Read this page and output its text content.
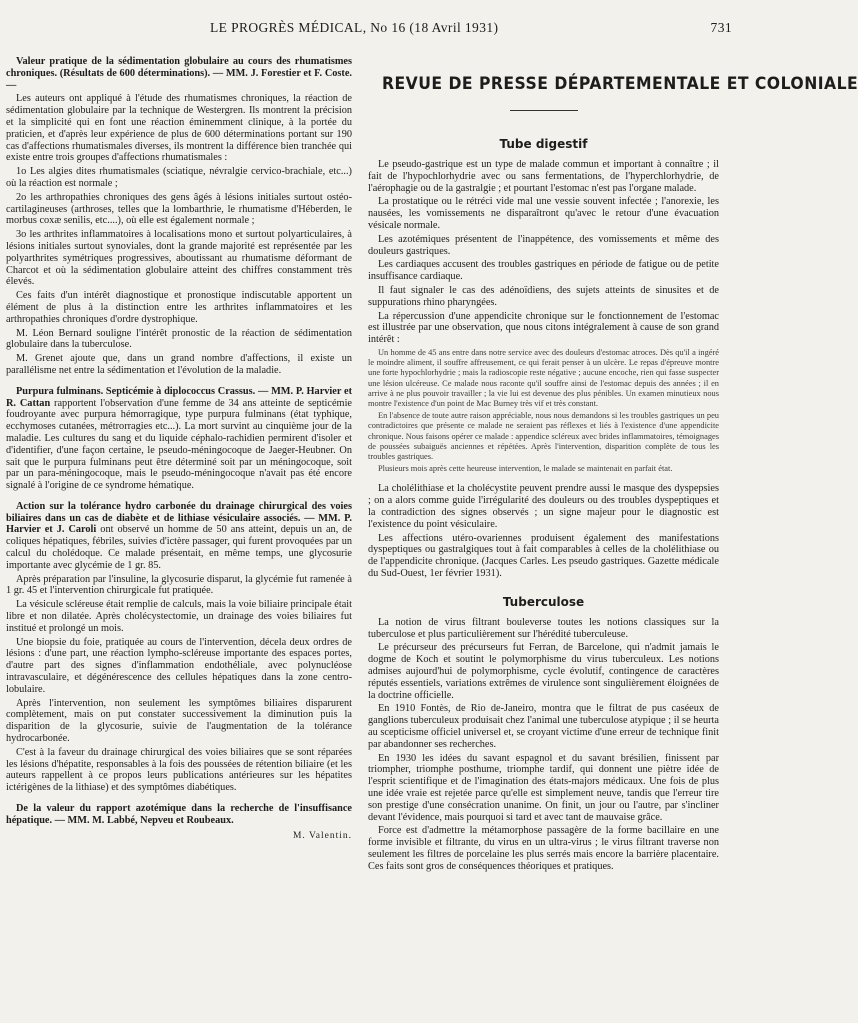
LE PROGRÈS MÉDICAL, No 16 (18 Avril 1931)	731

Valeur pratique de la sédimentation globulaire au cours des rhumatismes chroniques. (Résultats de 600 déterminations). — MM. J. Forestier et F. Coste. —

Les auteurs ont appliqué à l'étude des rhumatismes chroniques, la réaction de sédimentation globulaire par la technique de Westergren. Ils montrent la précision et la simplicité qui en font une réaction éminemment clinique, à la portée du praticien, et d'après leur expérience de plus de 600 déterminations portant sur 190 cas d'affections rhumatismales diverses, ils montrent la différence bien tranchée qui existe entre trois groupes d'affections rhumatismales :

1o Les algies dites rhumatismales (sciatique, névralgie cervico-brachiale, etc...) où la réaction est normale ;

2o les arthropathies chroniques des gens âgés à lésions initiales surtout ostéo-cartilagineuses (arthroses, telles que la lombarthrie, le rhumatisme d'Héberden, le morbus coxæ senilis, etc....), où elle est également normale ;

3o les arthrites inflammatoires à localisations mono et surtout polyarticulaires, à lésions initiales surtout synoviales, dont la grande majorité est représentée par les polyarthrites symétriques progressives, aboutissant au rhumatisme déformant de Charcot et où la sédimentation globulaire atteint des chiffres constamment très élevés.

Ces faits d'un intérêt diagnostique et pronostique indiscutable apportent un élément de plus à la distinction entre les arthrites inflammatoires et les arthropathies chroniques d'ordre dystrophique.

M. Léon Bernard souligne l'intérêt pronostic de la réaction de sédimentation globulaire dans la tuberculose.

M. Grenet ajoute que, dans un grand nombre d'affections, il existe un parallélisme net entre la sédimentation et l'évolution de la maladie.

Purpura fulminans. Septicémie à diplococcus Crassus. — MM. P. Harvier et R. Cattan rapportent l'observation d'une femme de 34 ans atteinte de septicémie foudroyante avec purpura hémorragique, type purpura fulminans (état typhique, ecchymoses cutanées, métrorragies etc...). La mort survint au cinquième jour de la maladie. Les cultures du sang et du liquide céphalo-rachidien permirent d'isoler et d'identifier, d'une façon certaine, le pseudo-méningocoque de Jaeger-Heubner. On sait que le purpura fulminans peut être déterminé soit par un méningocoque, soit par un para-méningocoque, mais le pseudo-méningocoque n'avait pas été encore signalé à l'origine de ce syndrome hématique.

Action sur la tolérance hydro carbonée du drainage chirurgical des voies biliaires dans un cas de diabète et de lithiase vésiculaire associés. — MM. P. Harvier et J. Caroli ont observé un homme de 50 ans atteint, depuis un an, de coliques hépatiques, fébriles, suivies d'ictère passager, qui furent provoquées par un calcul du cholédoque. Ce malade présentait, en même temps, une glycosurie importante avec glycémie de 1 gr. 85.

Après préparation par l'insuline, la glycosurie disparut, la glycémie fut ramenée à 1 gr. 45 et l'intervention chirurgicale fut pratiquée.

La vésicule scléreuse était remplie de calculs, mais la voie biliaire principale était libre et non dilatée. Après cholécystectomie, un drainage des voies biliaires fut institué et prolongé un mois.

Une biopsie du foie, pratiquée au cours de l'intervention, décela deux ordres de lésions : d'une part, une réaction lympho-scléreuse importante des espaces portes, d'autre part des signes d'inflammation endothéliale, avec polynucléose intravasculaire, et dégénérescence des cellules hépatiques dans la zone centro-lobulaire.

Après l'intervention, non seulement les symptômes biliaires disparurent complètement, mais on put constater successivement la diminution puis la disparition de la glycosurie, suivie de l'augmentation de la tolérance hydrocarbonée.

C'est à la faveur du drainage chirurgical des voies biliaires que se sont réparées les lésions d'hépatite, responsables à la fois des poussées de rétention biliaire (et les auteurs rappellent à ce propos leurs publications antérieures sur les hépatites ictérigènes de la lithiase) et des symptômes diabétiques.

De la valeur du rapport azotémique dans la recherche de l'insuffisance hépatique. — MM. M. Labbé, Nepveu et Roubeaux.

M. Valentin.

REVUE DE PRESSE DÉPARTEMENTALE ET COLONIALE
Tube digestif

Le pseudo-gastrique est un type de malade commun et important à connaître ; il fait de l'hypochlorhydrie avec ou sans fermentations, de l'hyperchlorhydrie, de l'aérophagie ou de la gastralgie ; et pourtant l'estomac n'est pas l'organe malade.

La prostatique ou le rétréci vide mal une vessie souvent infectée ; l'anorexie, les nausées, les vomissements ne disparaîtront qu'avec le retour d'une évacuation vésicale normale.

Les azotémiques présentent de l'inappétence, des vomissements et même des douleurs gastriques.

Les cardiaques accusent des troubles gastriques en période de fatigue ou de petite insuffisance cardiaque.

Il faut signaler le cas des adénoïdiens, des sujets atteints de sinusites et de suppurations rhino pharyngées.

La répercussion d'une appendicite chronique sur le fonctionnement de l'estomac est illustrée par une observation, que nous citons intégralement à cause de son grand intérêt :

Un homme de 45 ans entre dans notre service avec des douleurs d'estomac atroces. Dès qu'il a ingéré le moindre aliment, il souffre affreusement, ce qui ferait penser à un ulcère. Le repas d'épreuve montre une forte hypochlorhydrie ; mais la radioscopie reste négative ; aucune encoche, rien qui fasse suspecter une lésion ulcéreuse. Ce malade nous raconte qu'il souffre ainsi de l'estomac depuis des années ; il en arrive à ne plus pouvoir travailler ; la vie lui est devenue des plus pénibles. Un examen minutieux nous montre l'existence d'un point de Mac Burney très vif et très constant.

En l'absence de toute autre raison appréciable, nous nous demandons si les troubles gastriques un peu contradictoires que présente ce malade ne seraient pas réflexes et liés à l'existence d'une appendicite chronique. Nous faisons opérer ce malade : appendice scléreux avec brides inflammatoires, témoignages de poussées subaiguës anciennes et répétées. Après l'intervention, disparition complète de tous les troubles gastriques.

Plusieurs mois après cette heureuse intervention, le malade se maintenait en parfait état.

La cholélithiase et la cholécystite peuvent prendre aussi le masque des dyspepsies ; on a alors comme guide l'irrégularité des douleurs ou des troubles dyspeptiques et la contradiction des signes observés ; un signe majeur pour le diagnostic est l'existence du point vésiculaire.

Les affections utéro-ovariennes produisent également des manifestations dyspeptiques ou gastralgiques tout à fait comparables à celles de la cholélithiase ou de l'appendicite chronique. (Jacques Carles. Les pseudo gastriques. Gazette médicale du Sud-Ouest, 1er février 1931).

Tuberculose

La notion de virus filtrant bouleverse toutes les notions classiques sur la tuberculose et plus particulièrement sur l'hérédité tuberculeuse.

Le précurseur des précurseurs fut Ferran, de Barcelone, qui n'admit jamais le dogme de Koch et soutint le polymorphisme du virus tuberculeux. Les notions admises aujourd'hui de polymorphisme, cycle évolutif, contingence de caractères réputés essentiels, variations extrêmes de virulence sont singulièrement éloignées de la doctrine officielle.

En 1910 Fontès, de Rio de-Janeiro, montra que le filtrat de pus caséeux de ganglions tuberculeux produisait chez l'animal une tuberculose atypique ; il se heurta au scepticisme officiel universel et, se croyant victime d'une erreur de technique finit par abandonner ses recherches.

En 1930 les idées du savant espagnol et du savant brésilien, finissent par triompher, triomphe posthume, triomphe tardif, qui donnent une piètre idée de l'esprit scientifique et de l'imagination des états-majors médicaux. Une fois de plus une idée vraie est rejetée parce qu'elle est simplement neuve, tandis que l'erreur tire son prestige d'une consécration unanime. On finit, un jour ou l'autre, par s'incliner devant l'évidence, mais pourquoi si tard et avec tant de mauvaise grâce.

Force est d'admettre la métamorphose passagère de la forme bacillaire en une forme invisible et filtrante, du virus en un ultra-virus ; le virus filtrant traverse non seulement les filtres de porcelaine les plus serrés mais encore la barrière placentaire. Ces faits sont gros de conséquences théoriques et pratiques.
